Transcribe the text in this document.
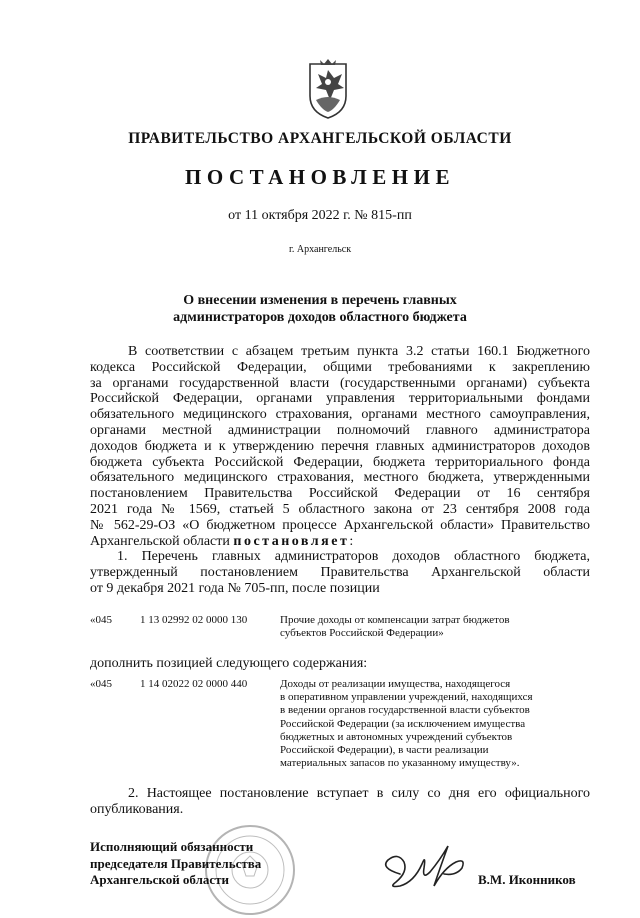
ПРАВИТЕЛЬСТВО АРХАНГЕЛЬСКОЙ ОБЛАСТИ
ПОСТАНОВЛЕНИЕ
от 11 октября 2022 г. № 815-пп
г. Архангельск
О внесении изменения в перечень главных
администраторов доходов областного бюджета
В соответствии с абзацем третьим пункта 3.2 статьи 160.1 Бюджетного
кодекса Российской Федерации, общими требованиями к закреплению
за органами государственной власти (государственными органами) субъекта
Российской Федерации, органами управления территориальными фондами
обязательного медицинского страхования, органами местного самоуправления,
органами местной администрации полномочий главного администратора
доходов бюджета и к утверждению перечня главных администраторов доходов
бюджета субъекта Российской Федерации, бюджета территориального фонда
обязательного медицинского страхования, местного бюджета, утвержденными
постановлением Правительства Российской Федерации от 16 сентября
2021 года № 1569, статьей 5 областного закона от 23 сентября 2008 года
№ 562-29-ОЗ «О бюджетном процессе Архангельской области» Правительство
Архангельской области постановляет:
1. Перечень главных администраторов доходов областного бюджета,
утвержденный постановлением Правительства Архангельской области
от 9 декабря 2021 года № 705-пп, после позиции
«045	1 13 02992 02 0000 130	Прочие доходы от компенсации затрат бюджетов
субъектов Российской Федерации»
дополнить позицией следующего содержания:
«045	1 14 02022 02 0000 440	Доходы от реализации имущества, находящегося
в оперативном управлении учреждений, находящихся
в ведении органов государственной власти субъектов
Российской Федерации (за исключением имущества
бюджетных и автономных учреждений субъектов
Российской Федерации), в части реализации
материальных запасов по указанному имуществу».
2. Настоящее постановление вступает в силу со дня его официального
опубликования.
Исполняющий обязанности
председателя Правительства
Архангельской области	В.М. Иконников
